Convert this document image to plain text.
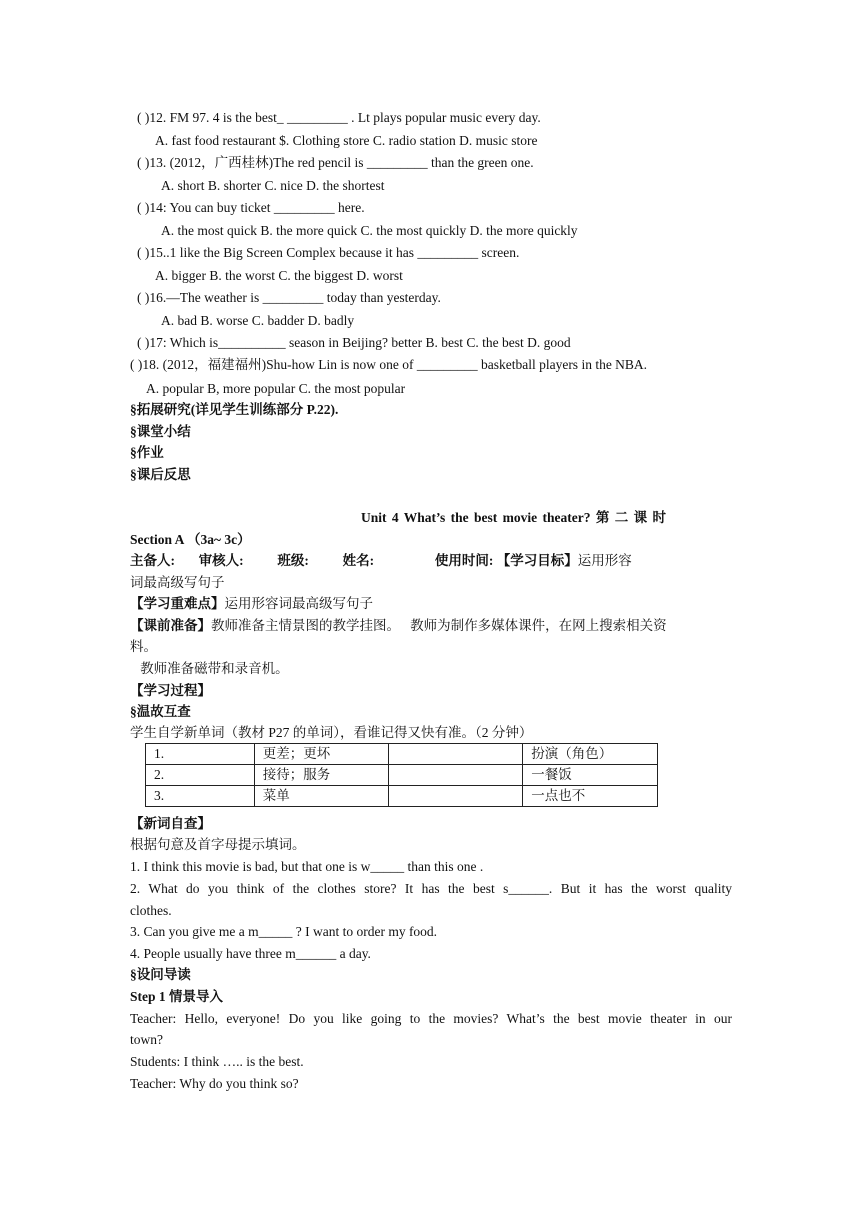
( )12. FM 97. 4 is the best_ _________ . Lt plays popular music every day.
A. fast food restaurant $. Clothing store C. radio station D. music store
( )13. (2012，广西桂林)The red pencil is _________ than the green one.
A. short B. shorter C. nice D. the shortest
( )14: You can buy ticket _________ here.
A. the most quick B. the more quick C. the most quickly D. the more quickly
( )15..1 like the Big Screen Complex because it has _________ screen.
A. bigger B. the worst C. the biggest D. worst
( )16.—The weather is _________ today than yesterday.
A. bad B. worse C. badder D. badly
( )17: Which is__________ season in Beijing? better B. best C. the best D. good
( )18. (2012，福建福州)Shu-how Lin is now one of _________ basketball players in the NBA.
A. popular B, more popular C. the most popular
§拓展研究(详见学生训练部分 P.22).
§课堂小结
§作业
§课后反思
Unit 4 What’s the best movie theater? 第 二 课 时
Section A （3a~ 3c）
主备人:       审核人:          班级:          姓名:                  使用时间: 【学习目标】运用形容
词最高级写句子
【学习重难点】运用形容词最高级写句子
【课前准备】教师准备主情景图的教学挂图。   教师为制作多媒体课件，在网上搜索相关资
料。
教师准备磁带和录音机。
【学习过程】
§温故互查
学生自学新单词（教材 P27 的单词），看谁记得又快有准。（2 分钟）
1.	更差；更坏		扮演（角色）
2.	接待；服务		一餐饭
3.	菜单		一点也不
【新词自查】
根据句意及首字母提示填词。
1. I think this movie is bad, but that one is w_____ than this one .
2. What do you think of the clothes store? It has the best s______. But it has the worst quality
clothes.
3. Can you give me a m_____ ? I want to order my food.
4. People usually have three m______ a day.
§设问导读
Step 1 情景导入
Teacher: Hello, everyone! Do you like going to the movies? What’s the best movie theater in our
town?
Students: I think ….. is the best.
Teacher: Why do you think so?
